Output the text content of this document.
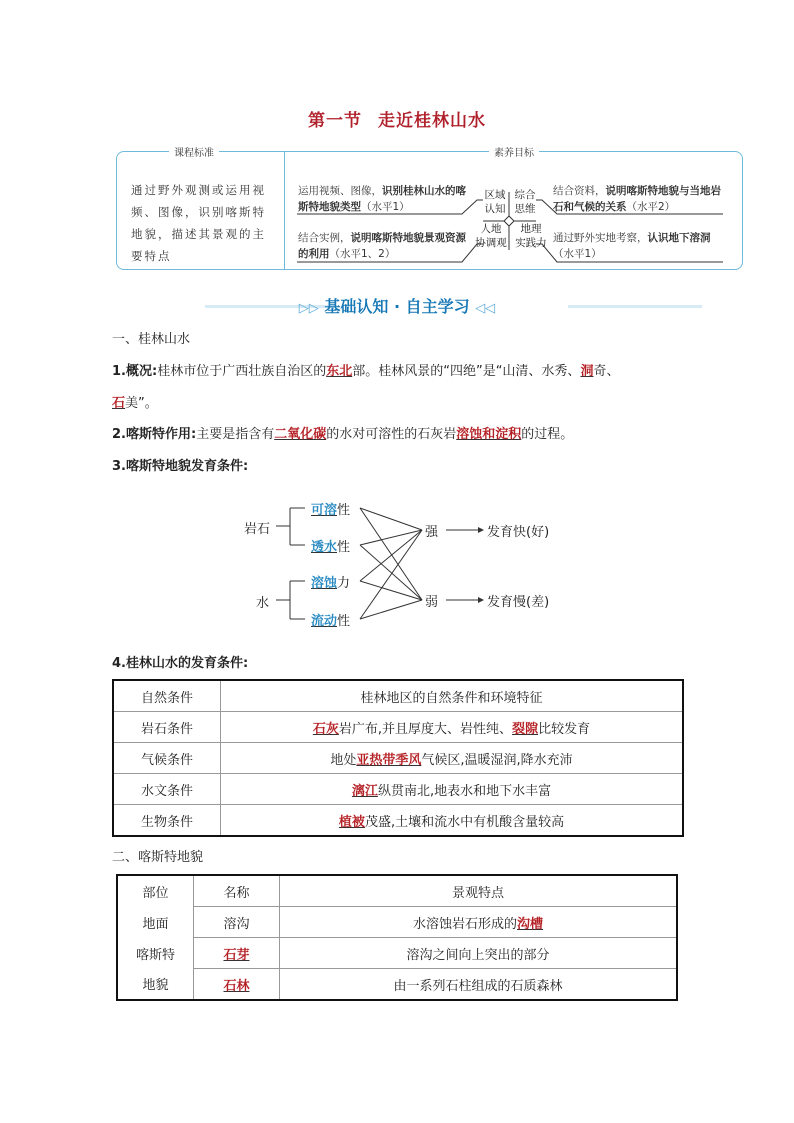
第一节 走近桂林山水
课程标准	素养目标
通过野外观测或运用视频、图像，识别喀斯特地貌，描述其景观的主要特点
运用视频、图像，识别桂林山水的喀斯特地貌类型（水平1）
结合资料，说明喀斯特地貌与当地岩石和气候的关系（水平2）
结合实例，说明喀斯特地貌景观资源的利用（水平1、2）
通过野外实地考察，认识地下溶洞（水平1）
区域
认知
综合
思维
人地
协调观
地理
实践力
▷▷ 基础认知 · 自主学习 ◁◁
一、桂林山水
1.概况:桂林市位于广西壮族自治区的东北部。桂林风景的“四绝”是“山清、水秀、洞奇、
石美”。
2.喀斯特作用:主要是指含有二氧化碳的水对可溶性的石灰岩溶蚀和淀积的过程。
3.喀斯特地貌发育条件:
岩石
水
可溶性
透水性
溶蚀力
流动性
强
弱
发育快(好)
发育慢(差)
4.桂林山水的发育条件:
自然条件	桂林地区的自然条件和环境特征
岩石条件	石灰岩广布,并且厚度大、岩性纯、裂隙比较发育
气候条件	地处亚热带季风气候区,温暖湿润,降水充沛
水文条件	漓江纵贯南北,地表水和地下水丰富
生物条件	植被茂盛,土壤和流水中有机酸含量较高
二、喀斯特地貌
部位	名称	景观特点
地面	溶沟	水溶蚀岩石形成的沟槽
喀斯特	石芽	溶沟之间向上突出的部分
地貌	石林	由一系列石柱组成的石质森林
